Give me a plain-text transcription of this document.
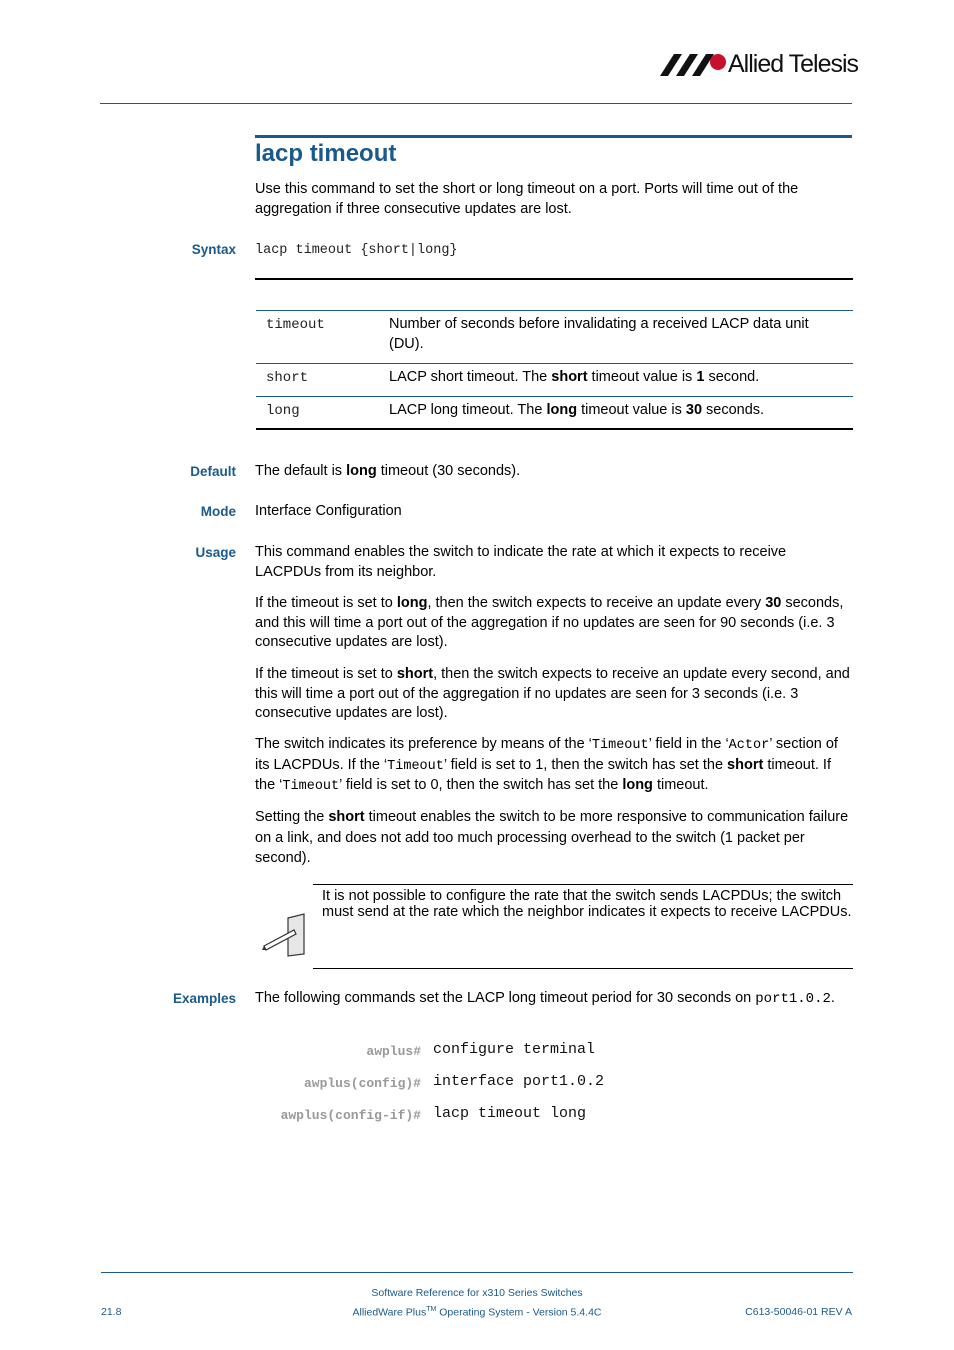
Allied Telesis
lacp timeout

Use this command to set the short or long timeout on a port. Ports will time out of the aggregation if three consecutive updates are lost.

Syntax lacp timeout {short|long}
timeout	Number of seconds before invalidating a received LACP data unit (DU).
short	LACP short timeout. The short timeout value is 1 second.
long	LACP long timeout. The long timeout value is 30 seconds.
Default The default is long timeout (30 seconds).
Mode Interface Configuration
Usage This command enables the switch to indicate the rate at which it expects to receive LACPDUs from its neighbor.

If the timeout is set to long, then the switch expects to receive an update every 30 seconds, and this will time a port out of the aggregation if no updates are seen for 90 seconds (i.e. 3 consecutive updates are lost).

If the timeout is set to short, then the switch expects to receive an update every second, and this will time a port out of the aggregation if no updates are seen for 3 seconds (i.e. 3 consecutive updates are lost).

The switch indicates its preference by means of the ‘Timeout’ field in the ‘Actor’ section of its LACPDUs. If the ‘Timeout’ field is set to 1, then the switch has set the short timeout. If the ‘Timeout’ field is set to 0, then the switch has set the long timeout.

Setting the short timeout enables the switch to be more responsive to communication failure on a link, and does not add too much processing overhead to the switch (1 packet per second).

It is not possible to configure the rate that the switch sends LACPDUs; the switch must send at the rate which the neighbor indicates it expects to receive LACPDUs.
Examples The following commands set the LACP long timeout period for 30 seconds on port1.0.2.

awplus# configure terminal
awplus(config)# interface port1.0.2
awplus(config-if)# lacp timeout long
Software Reference for x310 Series Switches
21.8	AlliedWare Plus™ Operating System - Version 5.4.4C	C613-50046-01 REV A
